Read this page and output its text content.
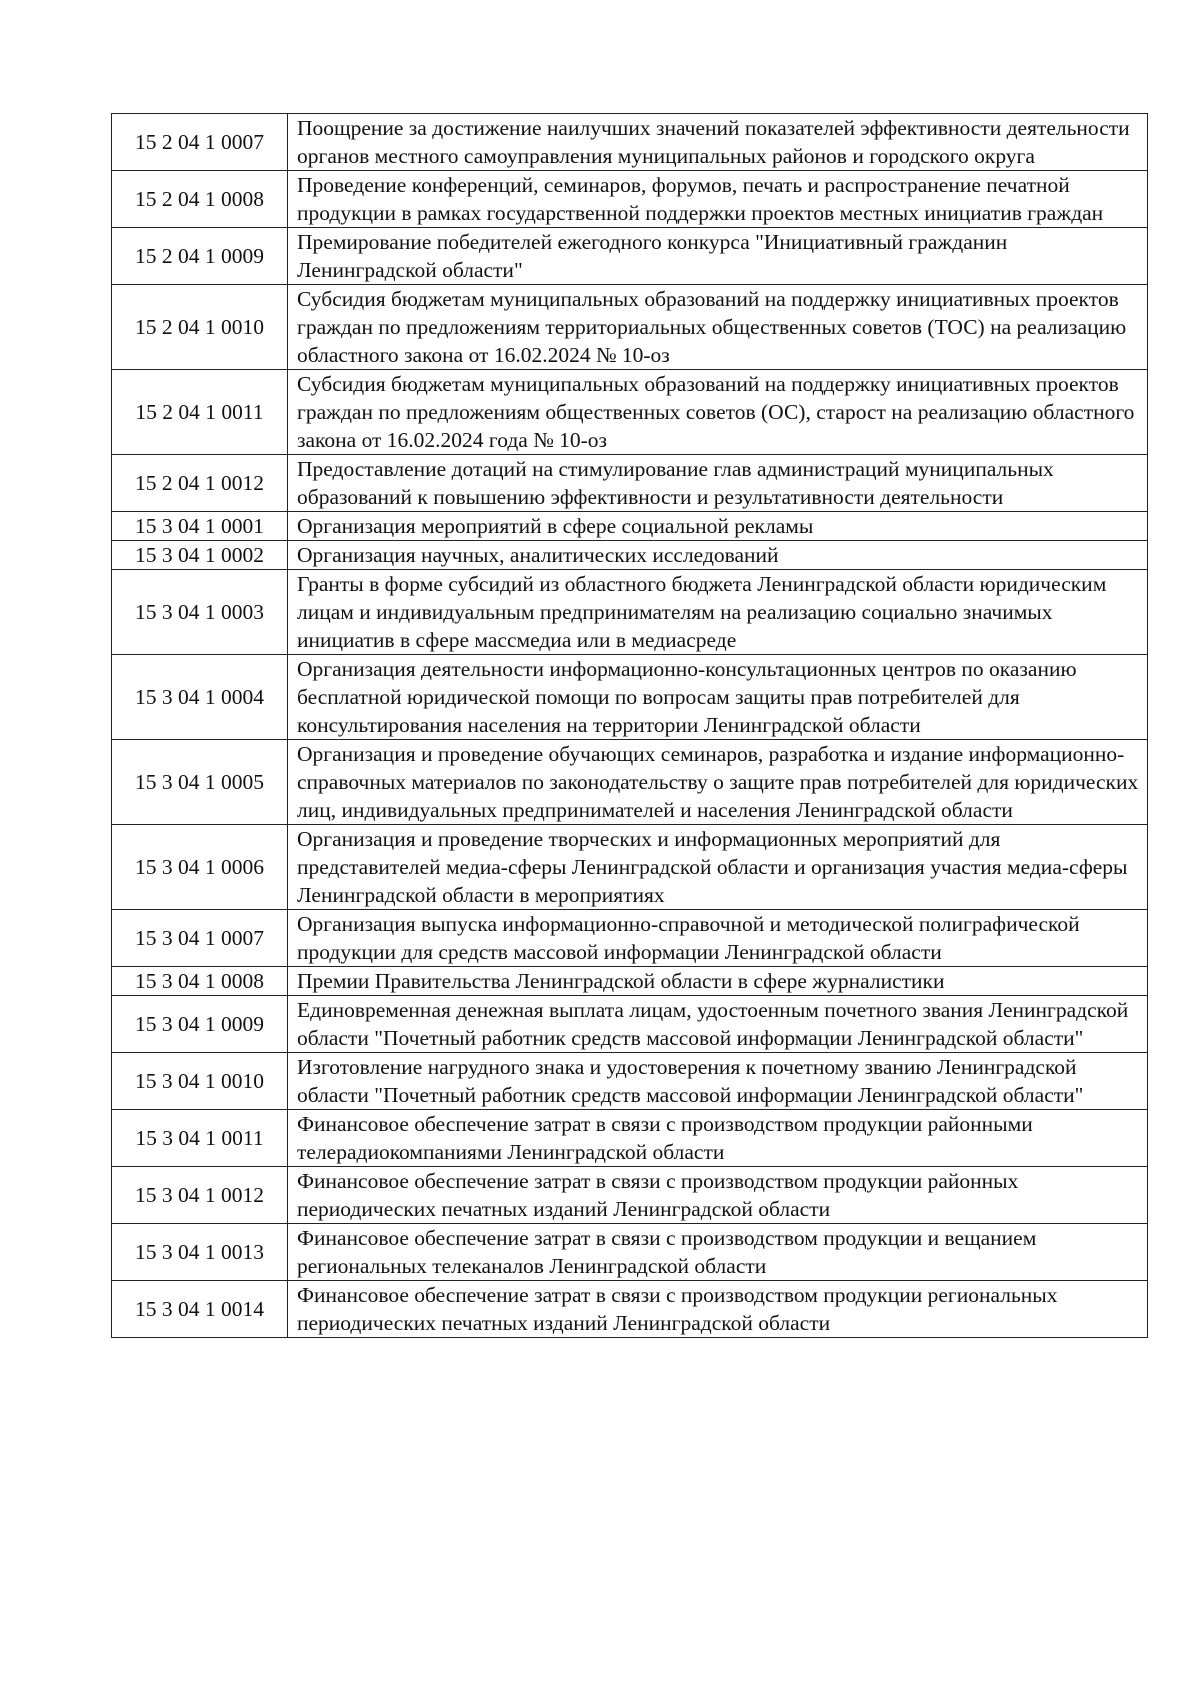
15 2 04 1 0007	Поощрение за достижение наилучших значений показателей эффективности деятельности органов местного самоуправления муниципальных районов и городского округа
15 2 04 1 0008	Проведение конференций, семинаров, форумов, печать и распространение печатной продукции в рамках государственной поддержки проектов местных инициатив граждан
15 2 04 1 0009	Премирование победителей ежегодного конкурса "Инициативный гражданин Ленинградской области"
15 2 04 1 0010	Субсидия бюджетам муниципальных образований на поддержку инициативных проектов граждан по предложениям территориальных общественных советов (ТОС) на реализацию областного закона от 16.02.2024 № 10-оз
15 2 04 1 0011	Субсидия бюджетам муниципальных образований на поддержку инициативных проектов граждан по предложениям общественных советов (ОС), старост на реализацию областного закона от 16.02.2024 года № 10-оз
15 2 04 1 0012	Предоставление дотаций на стимулирование глав администраций муниципальных образований к повышению эффективности и результативности деятельности
15 3 04 1 0001	Организация мероприятий в сфере социальной рекламы
15 3 04 1 0002	Организация научных, аналитических исследований
15 3 04 1 0003	Гранты в форме субсидий из областного бюджета Ленинградской области юридическим лицам и индивидуальным предпринимателям на реализацию социально значимых инициатив в сфере массмедиа или в медиасреде
15 3 04 1 0004	Организация деятельности информационно-консультационных центров по оказанию бесплатной юридической помощи по вопросам защиты прав потребителей для консультирования населения на территории Ленинградской области
15 3 04 1 0005	Организация и проведение обучающих семинаров, разработка и издание информационно-справочных материалов по законодательству о защите прав потребителей для юридических лиц, индивидуальных предпринимателей и населения Ленинградской области
15 3 04 1 0006	Организация и проведение творческих и информационных мероприятий для представителей медиа-сферы Ленинградской области и организация участия медиа-сферы Ленинградской области в мероприятиях
15 3 04 1 0007	Организация выпуска информационно-справочной и методической полиграфической продукции для средств массовой информации Ленинградской области
15 3 04 1 0008	Премии Правительства Ленинградской области в сфере журналистики
15 3 04 1 0009	Единовременная денежная выплата лицам, удостоенным почетного звания Ленинградской области "Почетный работник средств массовой информации Ленинградской области"
15 3 04 1 0010	Изготовление нагрудного знака и удостоверения к почетному званию Ленинградской области "Почетный работник средств массовой информации Ленинградской области"
15 3 04 1 0011	Финансовое обеспечение затрат в связи с производством продукции районными телерадиокомпаниями Ленинградской области
15 3 04 1 0012	Финансовое обеспечение затрат в связи с производством продукции районных периодических печатных изданий Ленинградской области
15 3 04 1 0013	Финансовое обеспечение затрат в связи с производством продукции и вещанием региональных телеканалов Ленинградской области
15 3 04 1 0014	Финансовое обеспечение затрат в связи с производством продукции региональных периодических печатных изданий Ленинградской области
